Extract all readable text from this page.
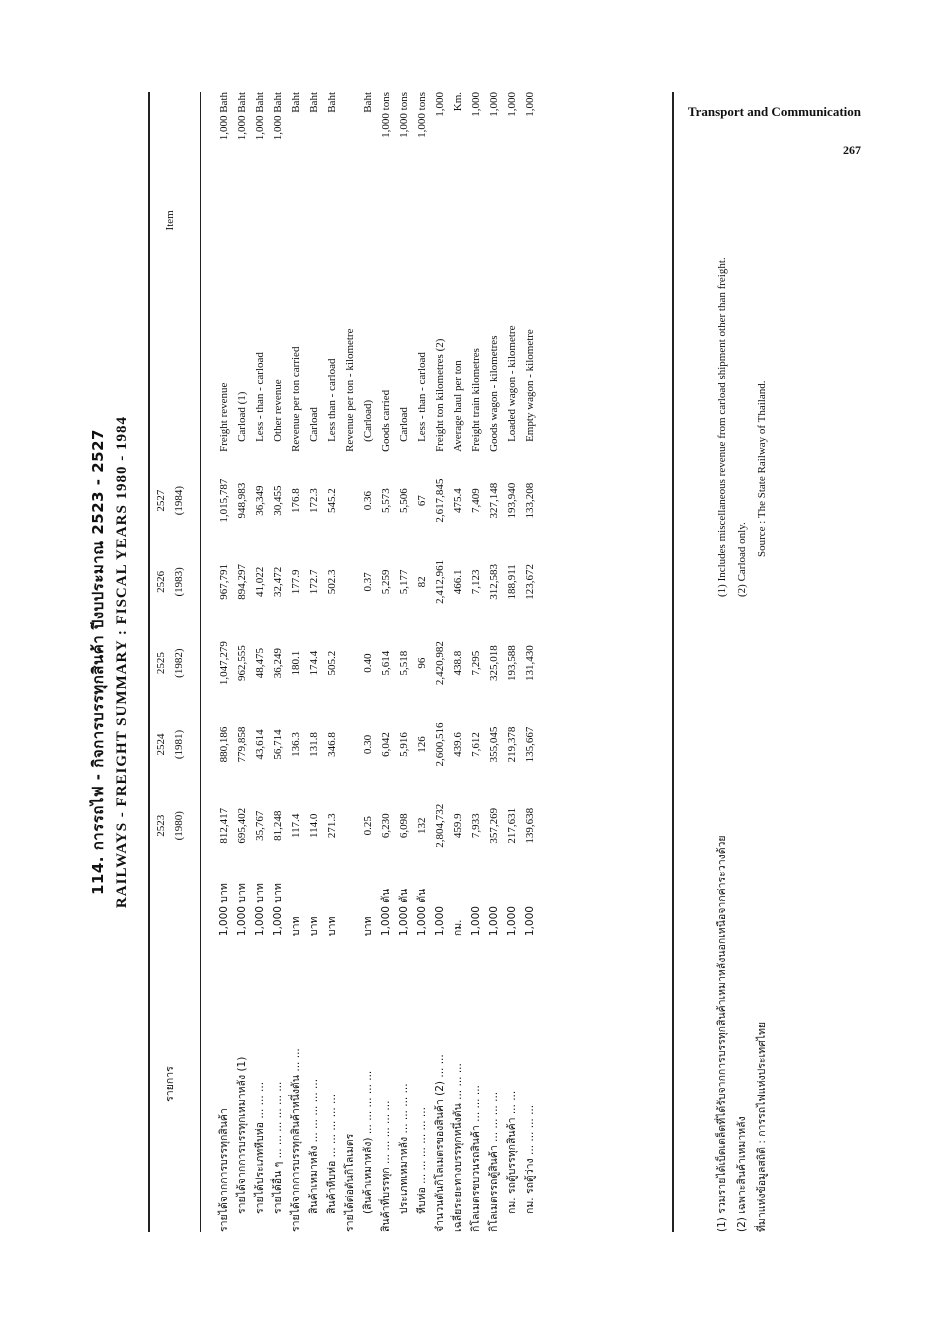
Transport and Communication
267
114. การรถไฟ - กิจการบรรทุกสินค้า ปีงบประมาณ 2523 - 2527 RAILWAYS - FREIGHT SUMMARY : FISCAL YEARS 1980 - 1984
รายการ		2523	2524	2525	2526	2527	Item	
		(1980)	(1981)	(1982)	(1983)	(1984)		

รายได้จากการบรรทุกสินค้า	1,000 บาท	812,417	880,186	1,047,279	967,791	1,015,787	Freight revenue	1,000 Bath
รายได้จากการบรรทุกเหมาหลัง (1)	1,000 บาท	695,402	779,858	962,555	894,297	948,983	Carload (1)	1,000 Baht
รายได้ประเภทหีบห่อ ... ... ...	1,000 บาท	35,767	43,614	48,475	41,022	36,349	Less - than - carload	1,000 Baht
รายได้อื่น ๆ ... ... ... ... ... ...	1,000 บาท	81,248	56,714	36,249	32,472	30,455	Other revenue	1,000 Baht
รายได้จากการบรรทุกสินค้าหนึ่งตัน ... ...	บาท	117.4	136.3	180.1	177.9	176.8	Revenue per ton carried	Baht
สินค้าเหมาหลัง ... ... ... ... ...	บาท	114.0	131.8	174.4	172.7	172.3	Carload	Baht
สินค้าหีบห่อ ... ... ... ... ...	บาท	271.3	346.8	505.2	502.3	545.2	Less than - carload	Baht
รายได้ต่อตันกิโลเมตร							Revenue per ton - kilometre	
(สินค้าเหมาหลัง) ... ... ... ... ...	บาท	0.25	0.30	0.40	0.37	0.36	(Carload)	Baht
สินค้าที่บรรทุก ... ... ... ... ...	1,000 ตัน	6,230	6,042	5,614	5,259	5,573	Goods carried	1,000 tons
ประเภทเหมาหลัง ... ... ... ...	1,000 ตัน	6,098	5,916	5,518	5,177	5,506	Carload	1,000 tons
หีบห่อ ... ... ... ... ... ...	1,000 ตัน	132	126	96	82	67	Less - than - carload	1,000 tons
จำนวนตันกิโลเมตรของสินค้า (2) ... ...	1,000	2,804,732	2,600,516	2,420,982	2,412,961	2,617,845	Freight ton kilometres (2)	1,000
เฉลี่ยระยะทางบรรทุกหนึ่งตัน ... ... ...	กม.	459.9	439.6	438.8	466.1	475.4	Average haul per ton	Km.
กิโลเมตรขบวนรถสินค้า ... ... ...	1,000	7,933	7,612	7,295	7,123	7,409	Freight train kilometres	1,000
กิโลเมตรรถตู้สินค้า ... ... ... ...	1,000	357,269	355,045	325,018	312,583	327,148	Goods wagon - kilometres	1,000
กม. รถตู้บรรทุกสินค้า ... ...	1,000	217,631	219,378	193,588	188,911	193,940	Loaded wagon - kilometre	1,000
กม. รถตู้ว่าง ... ... ... ...	1,000	139,638	135,667	131,430	123,672	133,208	Empty wagon - kilometre	1,000
(1) รวมรายได้เบ็ดเตล็ดที่ได้รับจากการบรรทุกสินค้าเหมาหลังนอกเหนือจากค่าระวางด้วย (2) เฉพาะสินค้าเหมาหลัง ที่มาแห่งข้อมูลสถิติ : การรถไฟแห่งประเทศไทย
(1) Includes miscellaneous revenue from carload shipment other than freight. (2) Carload only.
Source : The State Railway of Thailand.
